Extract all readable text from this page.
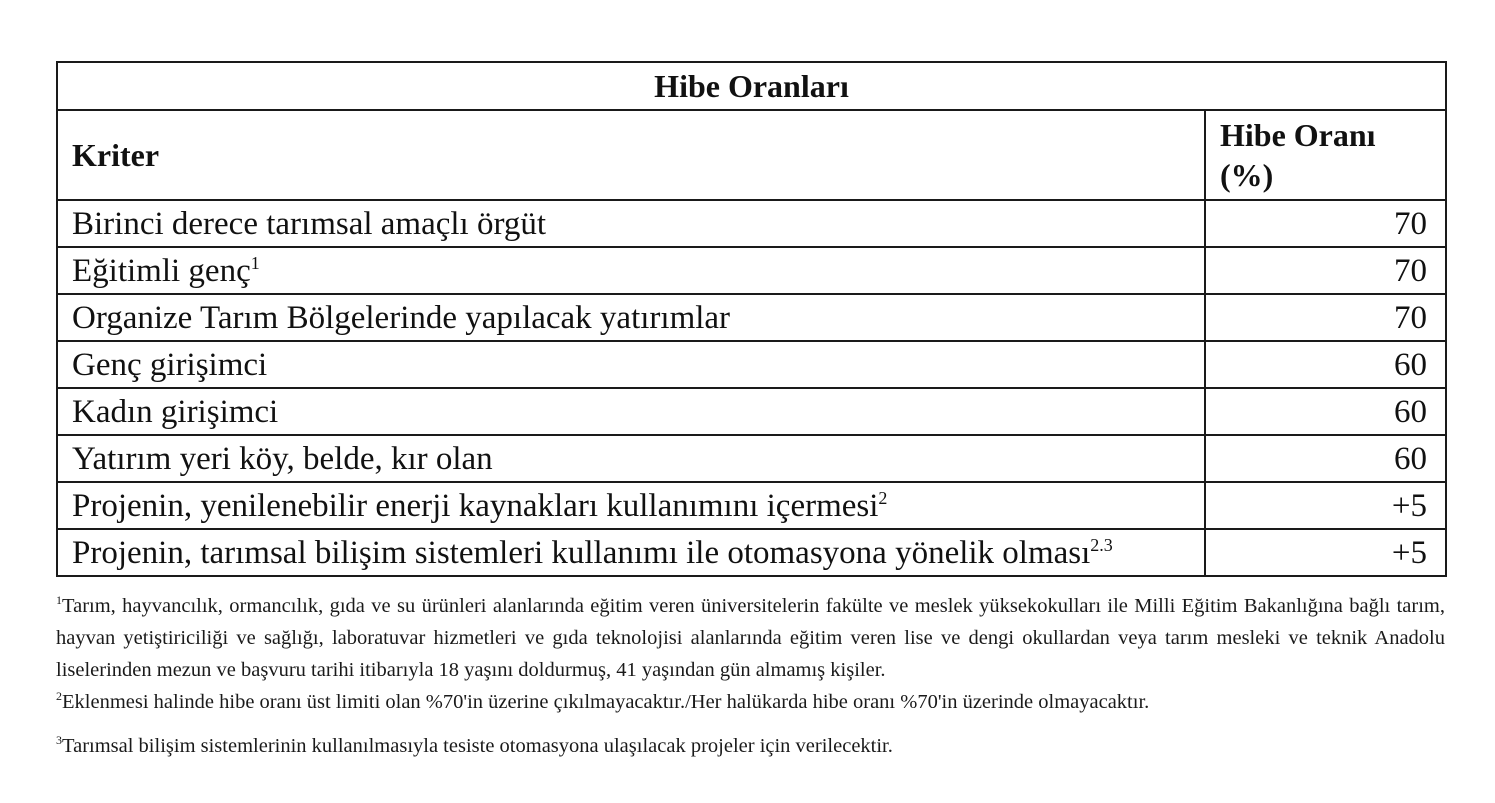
Hibe Oranları	
Kriter	Hibe Oranı
(%)
Birinci derece tarımsal amaçlı örgüt	70
Eğitimli genç$^1$	70
Organize Tarım Bölgelerinde yapılacak yatırımlar	70
Genç girişimci	60
Kadın girişimci	60
Yatırım yeri köy, belde, kır olan	60
Projenin, yenilenebilir enerji kaynakları kullanımını içermesi$^2$	+5
Projenin, tarımsal bilişim sistemleri kullanımı ile otomasyona yönelik olması$^{2.3}$	+5

$^1$Tarım, hayvancılık, ormancılık, gıda ve su ürünleri alanlarında eğitim veren üniversitelerin fakülte ve meslek yüksekokulları ile Milli Eğitim Bakanlığına bağlı tarım, hayvan yetiştiriciliği ve sağlığı, laboratuvar hizmetleri ve gıda teknolojisi alanlarında eğitim veren lise ve dengi okullardan veya tarım mesleki ve teknik Anadolu liselerinden mezun ve başvuru tarihi itibarıyla 18 yaşını doldurmuş, 41 yaşından gün almamış kişiler.

$^2$Eklenmesi halinde hibe oranı üst limiti olan %70'in üzerine çıkılmayacaktır./Her halükarda hibe oranı %70'in üzerinde olmayacaktır.

$^3$Tarımsal bilişim sistemlerinin kullanılmasıyla tesiste otomasyona ulaşılacak projeler için verilecektir.
